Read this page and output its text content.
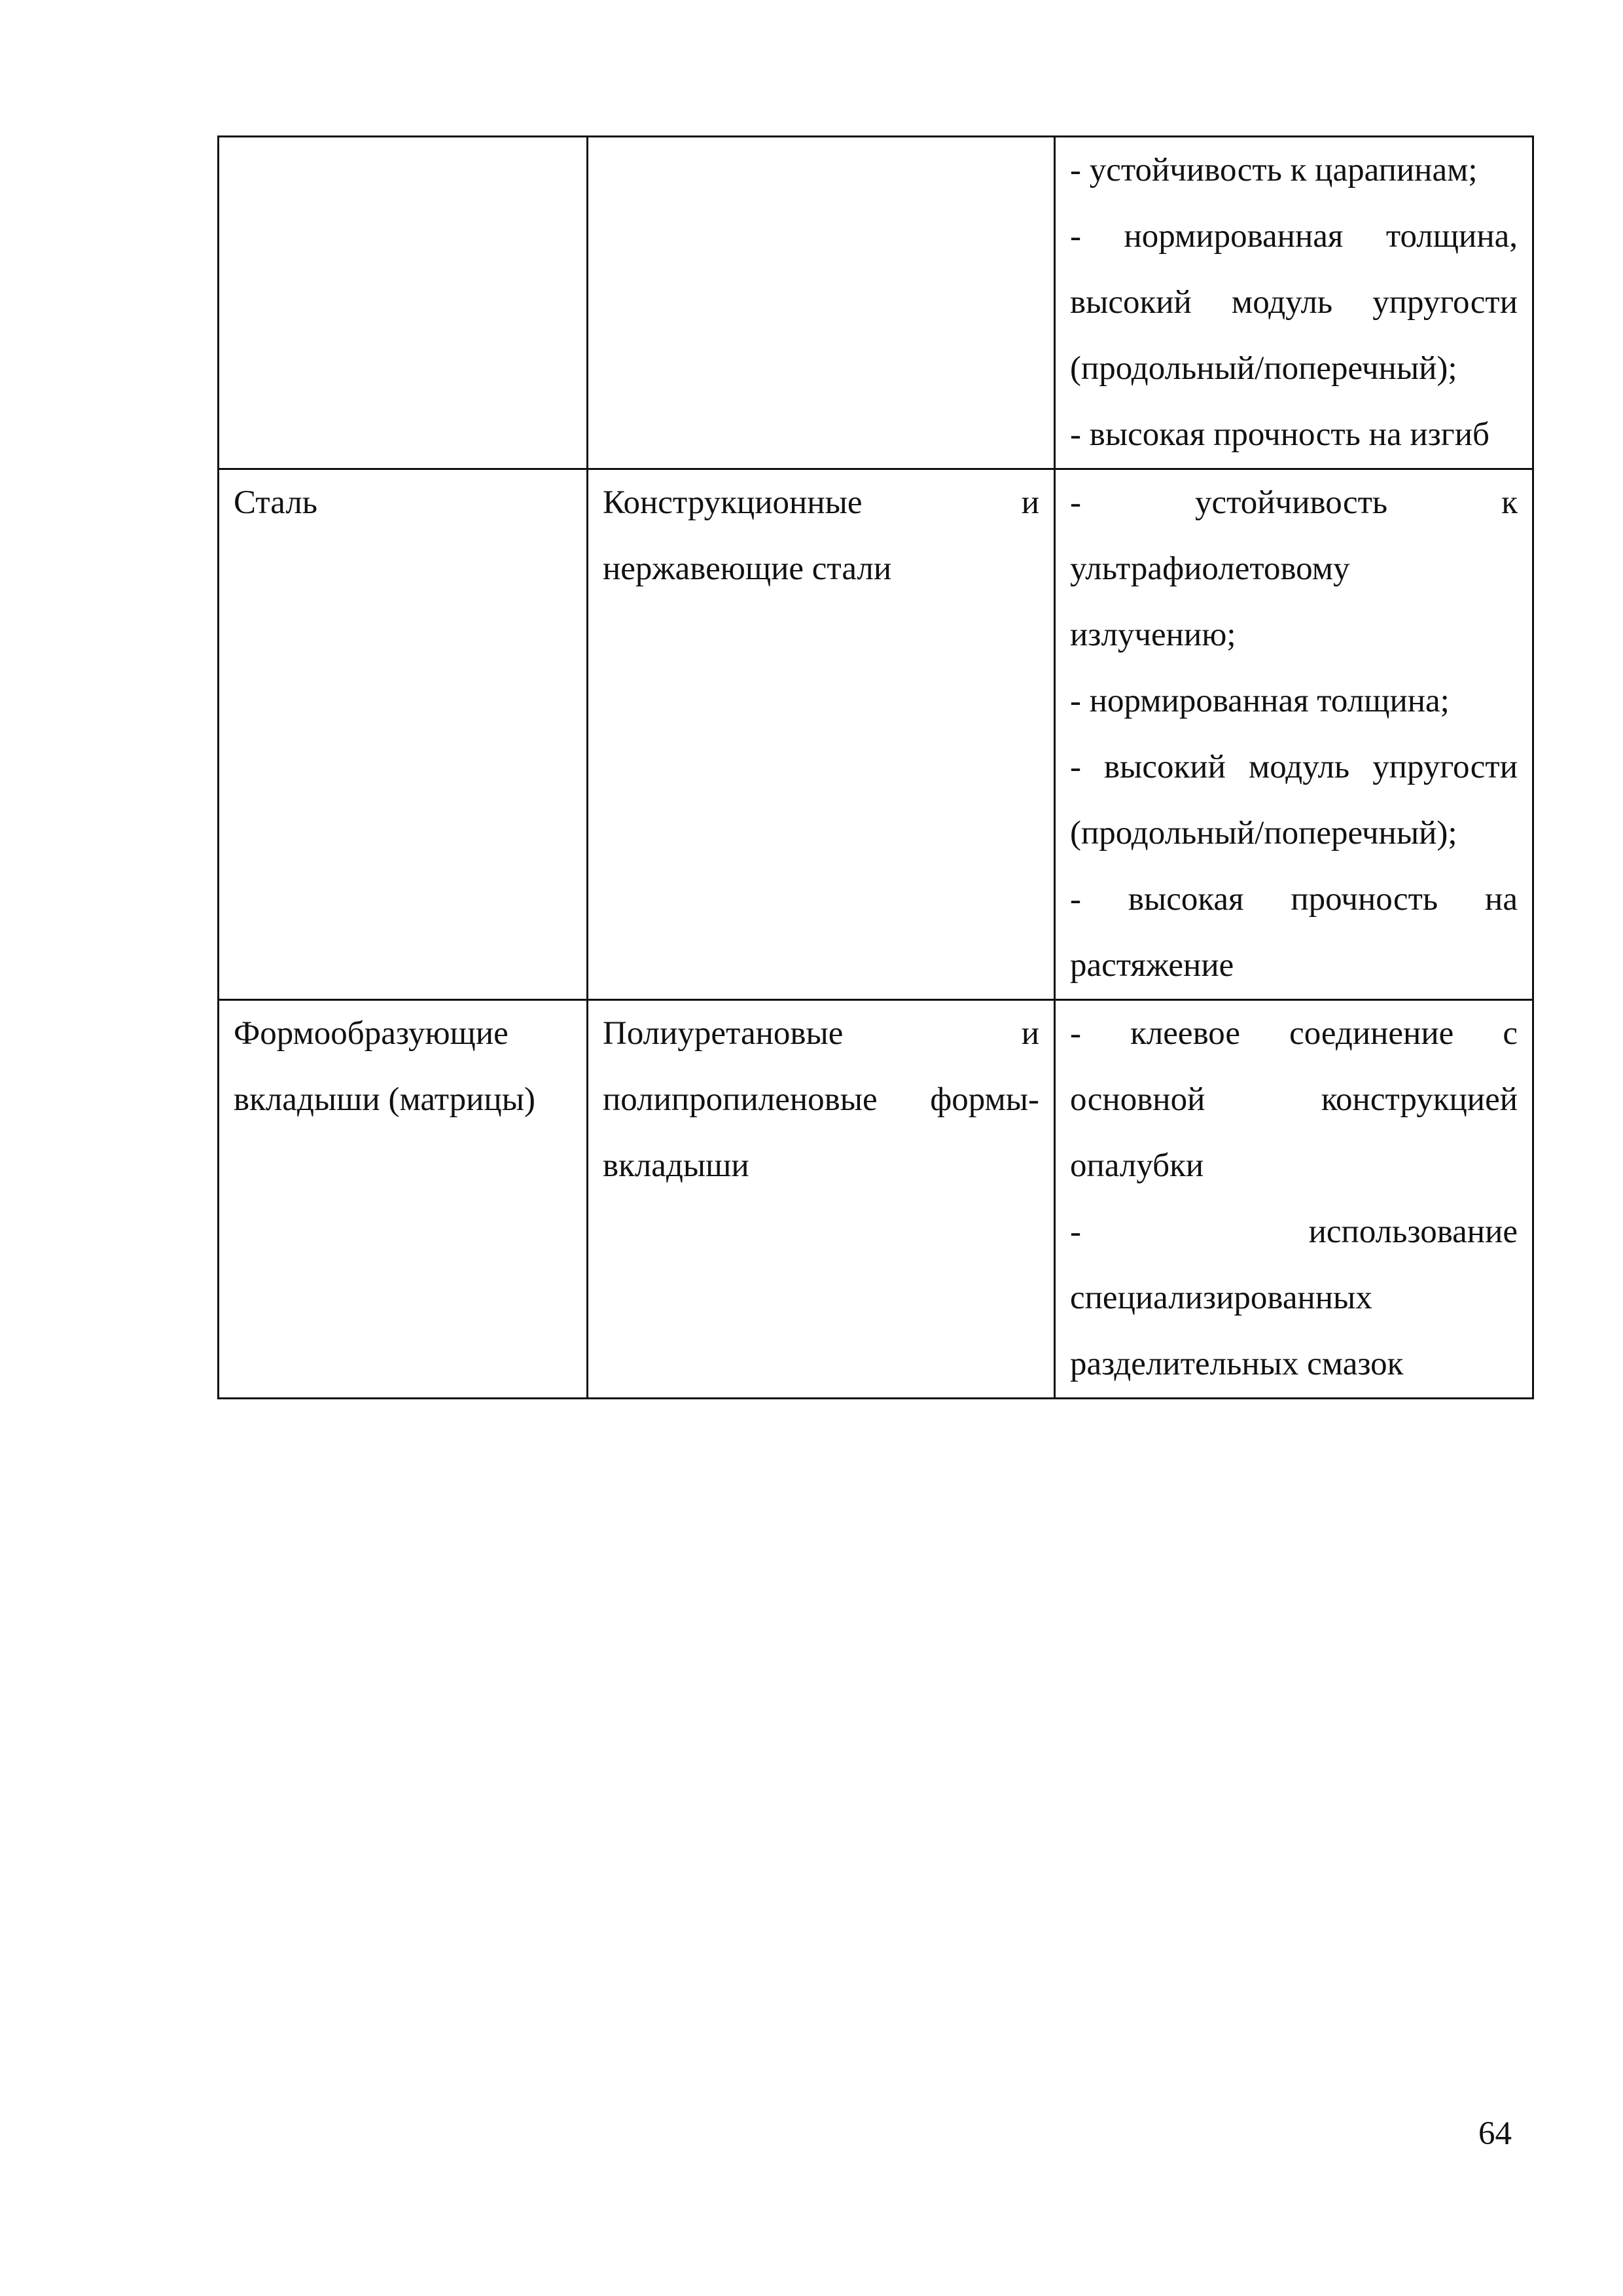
		- устойчивость к царапинам;
- нормированная толщина, высокий модуль упругости (продольный/поперечный);
- высокая прочность на изгиб

Сталь	Конструкционные и нержавеющие стали	- устойчивость к ультрафиолетовому излучению;
- нормированная толщина;
- высокий модуль упругости (продольный/поперечный);
- высокая прочность на растяжение

Формообразующие вкладыши (матрицы)	Полиуретановые и полипропиленовые формы-вкладыши	- клеевое соединение с основной конструкцией опалубки
- использование специализированных разделительных смазок
64
